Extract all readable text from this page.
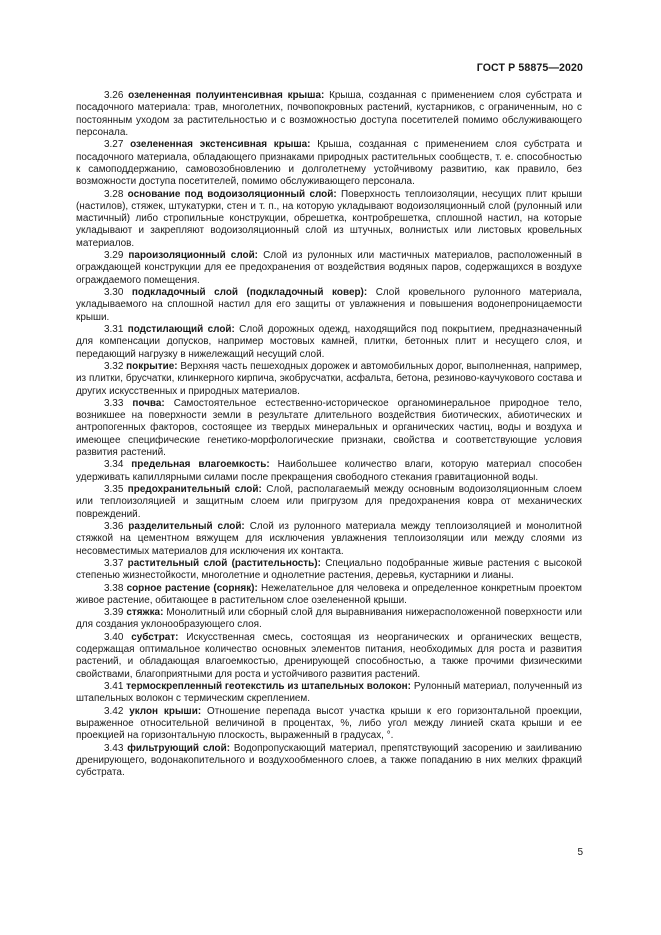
ГОСТ Р 58875—2020

3.26 озелененная полуинтенсивная крыша: Крыша, созданная с применением слоя субстрата и посадочного материала: трав, многолетних, почвопокровных растений, кустарников, с ограниченным, но с постоянным уходом за растительностью и с возможностью доступа посетителей помимо обслуживающего персонала.

3.27 озелененная экстенсивная крыша: Крыша, созданная с применением слоя субстрата и посадочного материала, обладающего признаками природных растительных сообществ, т. е. способностью к самоподдержанию, самовозобновлению и долголетнему устойчивому развитию, как правило, без возможности доступа посетителей, помимо обслуживающего персонала.

3.28 основание под водоизоляционный слой: Поверхность теплоизоляции, несущих плит крыши (настилов), стяжек, штукатурки, стен и т. п., на которую укладывают водоизоляционный слой (рулонный или мастичный) либо стропильные конструкции, обрешетка, контробрешетка, сплошной настил, на которые укладывают и закрепляют водоизоляционный слой из штучных, волнистых или листовых кровельных материалов.

3.29 пароизоляционный слой: Слой из рулонных или мастичных материалов, расположенный в ограждающей конструкции для ее предохранения от воздействия водяных паров, содержащихся в воздухе ограждаемого помещения.

3.30 подкладочный слой (подкладочный ковер): Слой кровельного рулонного материала, укладываемого на сплошной настил для его защиты от увлажнения и повышения водонепроницаемости крыши.

3.31 подстилающий слой: Слой дорожных одежд, находящийся под покрытием, предназначенный для компенсации допусков, например мостовых камней, плитки, бетонных плит и несущего слоя, и передающий нагрузку в нижележащий несущий слой.

3.32 покрытие: Верхняя часть пешеходных дорожек и автомобильных дорог, выполненная, например, из плитки, брусчатки, клинкерного кирпича, экобрусчатки, асфальта, бетона, резиново-каучукового состава и других искусственных и природных материалов.

3.33 почва: Самостоятельное естественно-историческое органоминеральное природное тело, возникшее на поверхности земли в результате длительного воздействия биотических, абиотических и антропогенных факторов, состоящее из твердых минеральных и органических частиц, воды и воздуха и имеющее специфические генетико-морфологические признаки, свойства и соответствующие условия развития растений.

3.34 предельная влагоемкость: Наибольшее количество влаги, которую материал способен удерживать капиллярными силами после прекращения свободного стекания гравитационной воды.

3.35 предохранительный слой: Слой, располагаемый между основным водоизоляционным слоем или теплоизоляцией и защитным слоем или пригрузом для предохранения ковра от механических повреждений.

3.36 разделительный слой: Слой из рулонного материала между теплоизоляцией и монолитной стяжкой на цементном вяжущем для исключения увлажнения теплоизоляции или между слоями из несовместимых материалов для исключения их контакта.

3.37 растительный слой (растительность): Специально подобранные живые растения с высокой степенью жизнестойкости, многолетние и однолетние растения, деревья, кустарники и лианы.

3.38 сорное растение (сорняк): Нежелательное для человека и определенное конкретным проектом живое растение, обитающее в растительном слое озелененной крыши.

3.39 стяжка: Монолитный или сборный слой для выравнивания нижерасположенной поверхности или для создания уклонообразующего слоя.

3.40 субстрат: Искусственная смесь, состоящая из неорганических и органических веществ, содержащая оптимальное количество основных элементов питания, необходимых для роста и развития растений, и обладающая влагоемкостью, дренирующей способностью, а также прочими физическими свойствами, благоприятными для роста и устойчивого развития растений.

3.41 термоскрепленный геотекстиль из штапельных волокон: Рулонный материал, полученный из штапельных волокон с термическим скреплением.

3.42 уклон крыши: Отношение перепада высот участка крыши к его горизонтальной проекции, выраженное относительной величиной в процентах, %, либо угол между линией ската крыши и ее проекцией на горизонтальную плоскость, выраженный в градусах, °.

3.43 фильтрующий слой: Водопропускающий материал, препятствующий засорению и заиливанию дренирующего, водонакопительного и воздухообменного слоев, а также попаданию в них мелких фракций субстрата.

5
